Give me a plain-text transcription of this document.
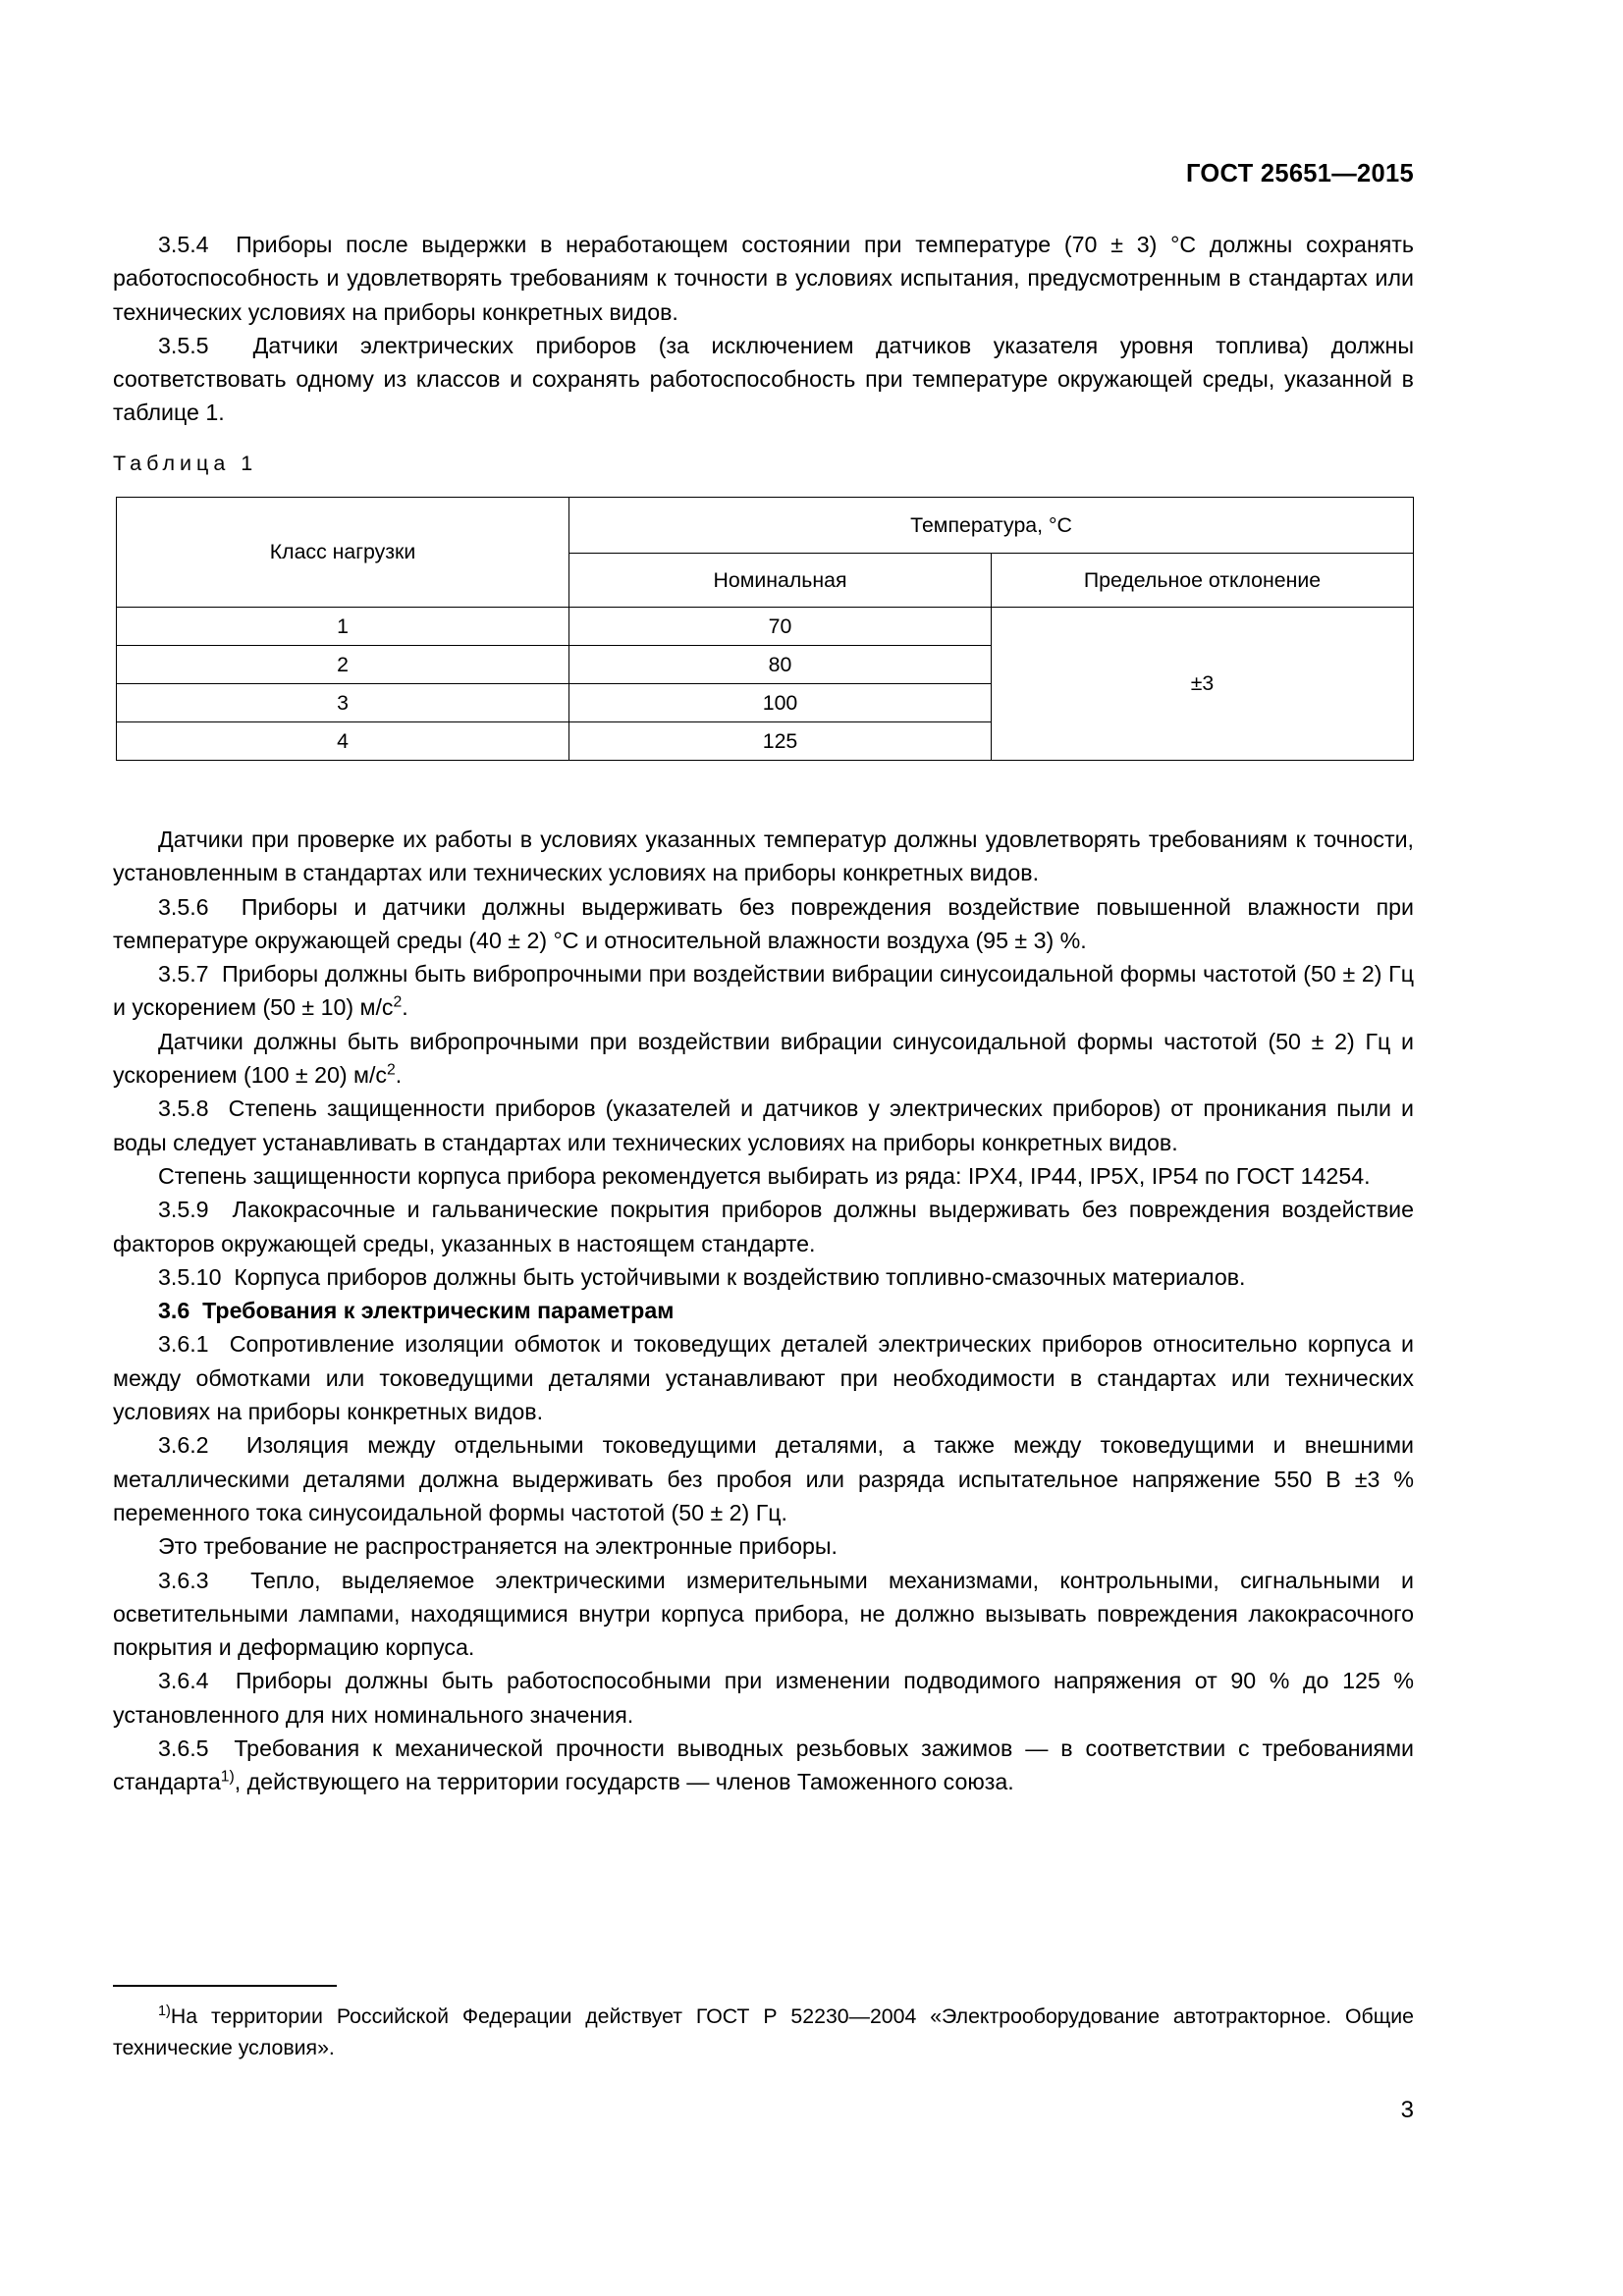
ГОСТ 25651—2015

3.5.4 Приборы после выдержки в неработающем состоянии при температуре (70 ± 3) °С должны сохранять работоспособность и удовлетворять требованиям к точности в условиях испытания, предусмотренным в стандартах или технических условиях на приборы конкретных видов.

3.5.5 Датчики электрических приборов (за исключением датчиков указателя уровня топлива) должны соответствовать одному из классов и сохранять работоспособность при температуре окружающей среды, указанной в таблице 1.

Таблица 1
Класс нагрузки	Температура, °С	
	Номинальная	Предельное отклонение
1	70	±3
2	80	
3	100	
4	125	

Датчики при проверке их работы в условиях указанных температур должны удовлетворять требованиям к точности, установленным в стандартах или технических условиях на приборы конкретных видов.

3.5.6 Приборы и датчики должны выдерживать без повреждения воздействие повышенной влажности при температуре окружающей среды (40 ± 2) °С и относительной влажности воздуха (95 ± 3) %.

3.5.7 Приборы должны быть вибропрочными при воздействии вибрации синусоидальной формы частотой (50 ± 2) Гц и ускорением (50 ± 10) $м/с^2$.

Датчики должны быть вибропрочными при воздействии вибрации синусоидальной формы частотой (50 ± 2) Гц и ускорением (100 ± 20) $м/с^2$.

3.5.8 Степень защищенности приборов (указателей и датчиков у электрических приборов) от проникания пыли и воды следует устанавливать в стандартах или технических условиях на приборы конкретных видов.

Степень защищенности корпуса прибора рекомендуется выбирать из ряда: IPX4, IP44, IP5X, IP54 по ГОСТ 14254.

3.5.9 Лакокрасочные и гальванические покрытия приборов должны выдерживать без повреждения воздействие факторов окружающей среды, указанных в настоящем стандарте.

3.5.10 Корпуса приборов должны быть устойчивыми к воздействию топливно-смазочных материалов.

3.6 Требования к электрическим параметрам

3.6.1 Сопротивление изоляции обмоток и токоведущих деталей электрических приборов относительно корпуса и между обмотками или токоведущими деталями устанавливают при необходимости в стандартах или технических условиях на приборы конкретных видов.

3.6.2 Изоляция между отдельными токоведущими деталями, а также между токоведущими и внешними металлическими деталями должна выдерживать без пробоя или разряда испытательное напряжение 550 В ±3 % переменного тока синусоидальной формы частотой (50 ± 2) Гц.

Это требование не распространяется на электронные приборы.

3.6.3 Тепло, выделяемое электрическими измерительными механизмами, контрольными, сигнальными и осветительными лампами, находящимися внутри корпуса прибора, не должно вызывать повреждения лакокрасочного покрытия и деформацию корпуса.

3.6.4 Приборы должны быть работоспособными при изменении подводимого напряжения от 90 % до 125 % установленного для них номинального значения.

3.6.5 Требования к механической прочности выводных резьбовых зажимов — в соответствии с требованиями стандарта$^{1)}$, действующего на территории государств — членов Таможенного союза.

$^{1)}$На территории Российской Федерации действует ГОСТ Р 52230—2004 «Электрооборудование автотракторное. Общие технические условия».

3
